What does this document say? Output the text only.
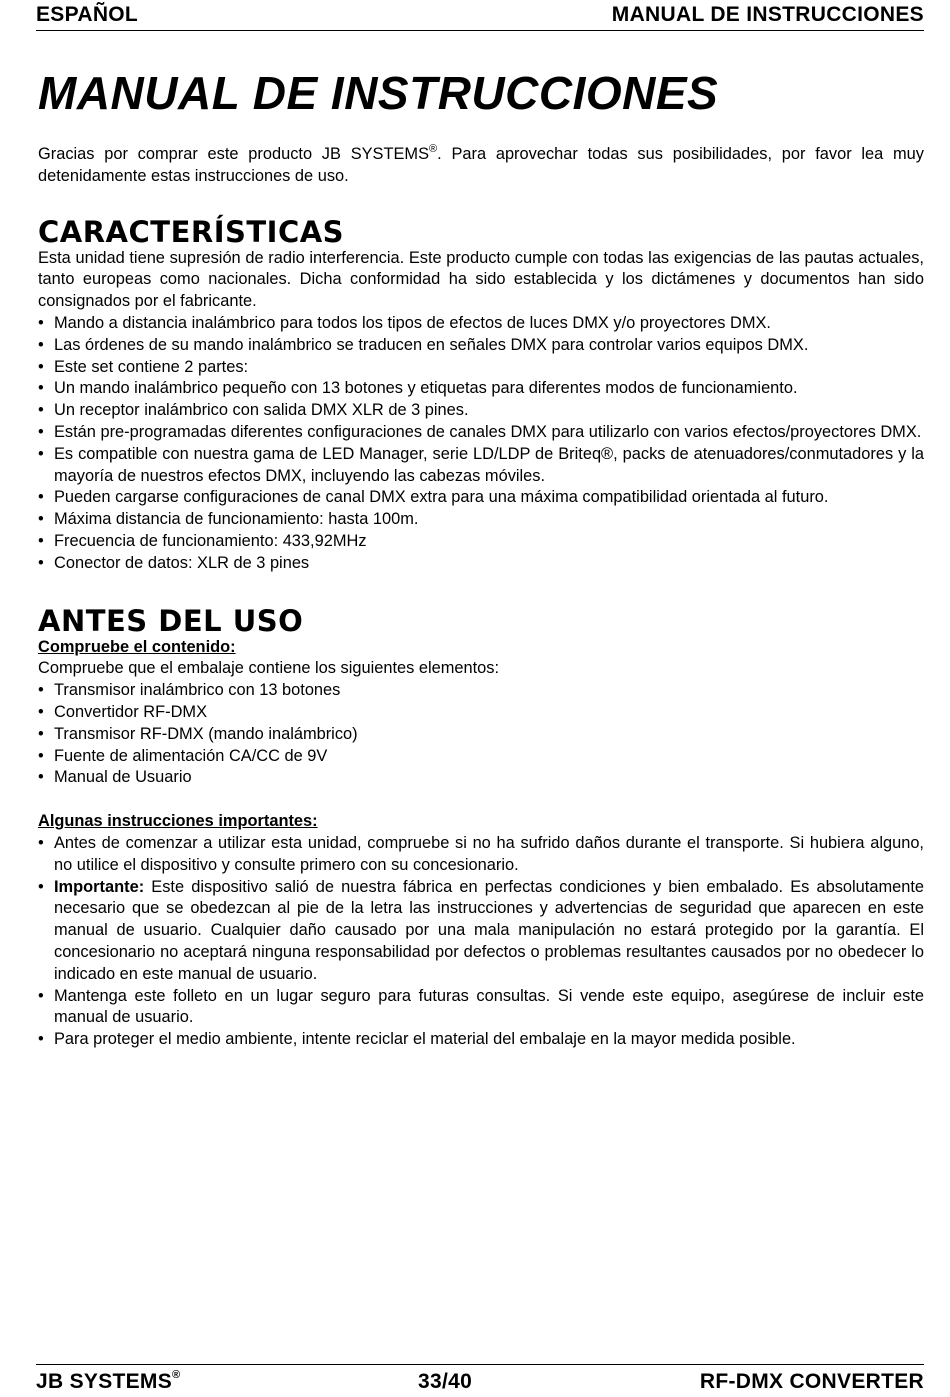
ESPAÑOL	MANUAL DE INSTRUCCIONES
MANUAL DE INSTRUCCIONES

Gracias por comprar este producto JB SYSTEMS®. Para aprovechar todas sus posibilidades, por favor lea muy detenidamente estas instrucciones de uso.

CARACTERÍSTICAS

Esta unidad tiene supresión de radio interferencia. Este producto cumple con todas las exigencias de las pautas actuales, tanto europeas como nacionales. Dicha conformidad ha sido establecida y los dictámenes y documentos han sido consignados por el fabricante.

• Mando a distancia inalámbrico para todos los tipos de efectos de luces DMX y/o proyectores DMX.
• Las órdenes de su mando inalámbrico se traducen en señales DMX para controlar varios equipos DMX.
• Este set contiene 2 partes:
• Un mando inalámbrico pequeño con 13 botones y etiquetas para diferentes modos de funcionamiento.
• Un receptor inalámbrico con salida DMX XLR de 3 pines.
• Están pre-programadas diferentes configuraciones de canales DMX para utilizarlo con varios efectos/proyectores DMX.
• Es compatible con nuestra gama de LED Manager, serie LD/LDP de Briteq®, packs de atenuadores/conmutadores y la mayoría de nuestros efectos DMX, incluyendo las cabezas móviles.
• Pueden cargarse configuraciones de canal DMX extra para una máxima compatibilidad orientada al futuro.
• Máxima distancia de funcionamiento: hasta 100m.
• Frecuencia de funcionamiento: 433,92MHz
• Conector de datos: XLR de 3 pines
ANTES DEL USO
Compruebe el contenido:

Compruebe que el embalaje contiene los siguientes elementos:

• Transmisor inalámbrico con 13 botones
• Convertidor RF-DMX
• Transmisor RF-DMX (mando inalámbrico)
• Fuente de alimentación CA/CC de 9V
• Manual de Usuario
Algunas instrucciones importantes:
• Antes de comenzar a utilizar esta unidad, compruebe si no ha sufrido daños durante el transporte. Si hubiera alguno, no utilice el dispositivo y consulte primero con su concesionario.
• Importante: Este dispositivo salió de nuestra fábrica en perfectas condiciones y bien embalado. Es absolutamente necesario que se obedezcan al pie de la letra las instrucciones y advertencias de seguridad que aparecen en este manual de usuario. Cualquier daño causado por una mala manipulación no estará protegido por la garantía. El concesionario no aceptará ninguna responsabilidad por defectos o problemas resultantes causados por no obedecer lo indicado en este manual de usuario.
• Mantenga este folleto en un lugar seguro para futuras consultas. Si vende este equipo, asegúrese de incluir este manual de usuario.
• Para proteger el medio ambiente, intente reciclar el material del embalaje en la mayor medida posible.
JB SYSTEMS®	33/40	RF-DMX CONVERTER
